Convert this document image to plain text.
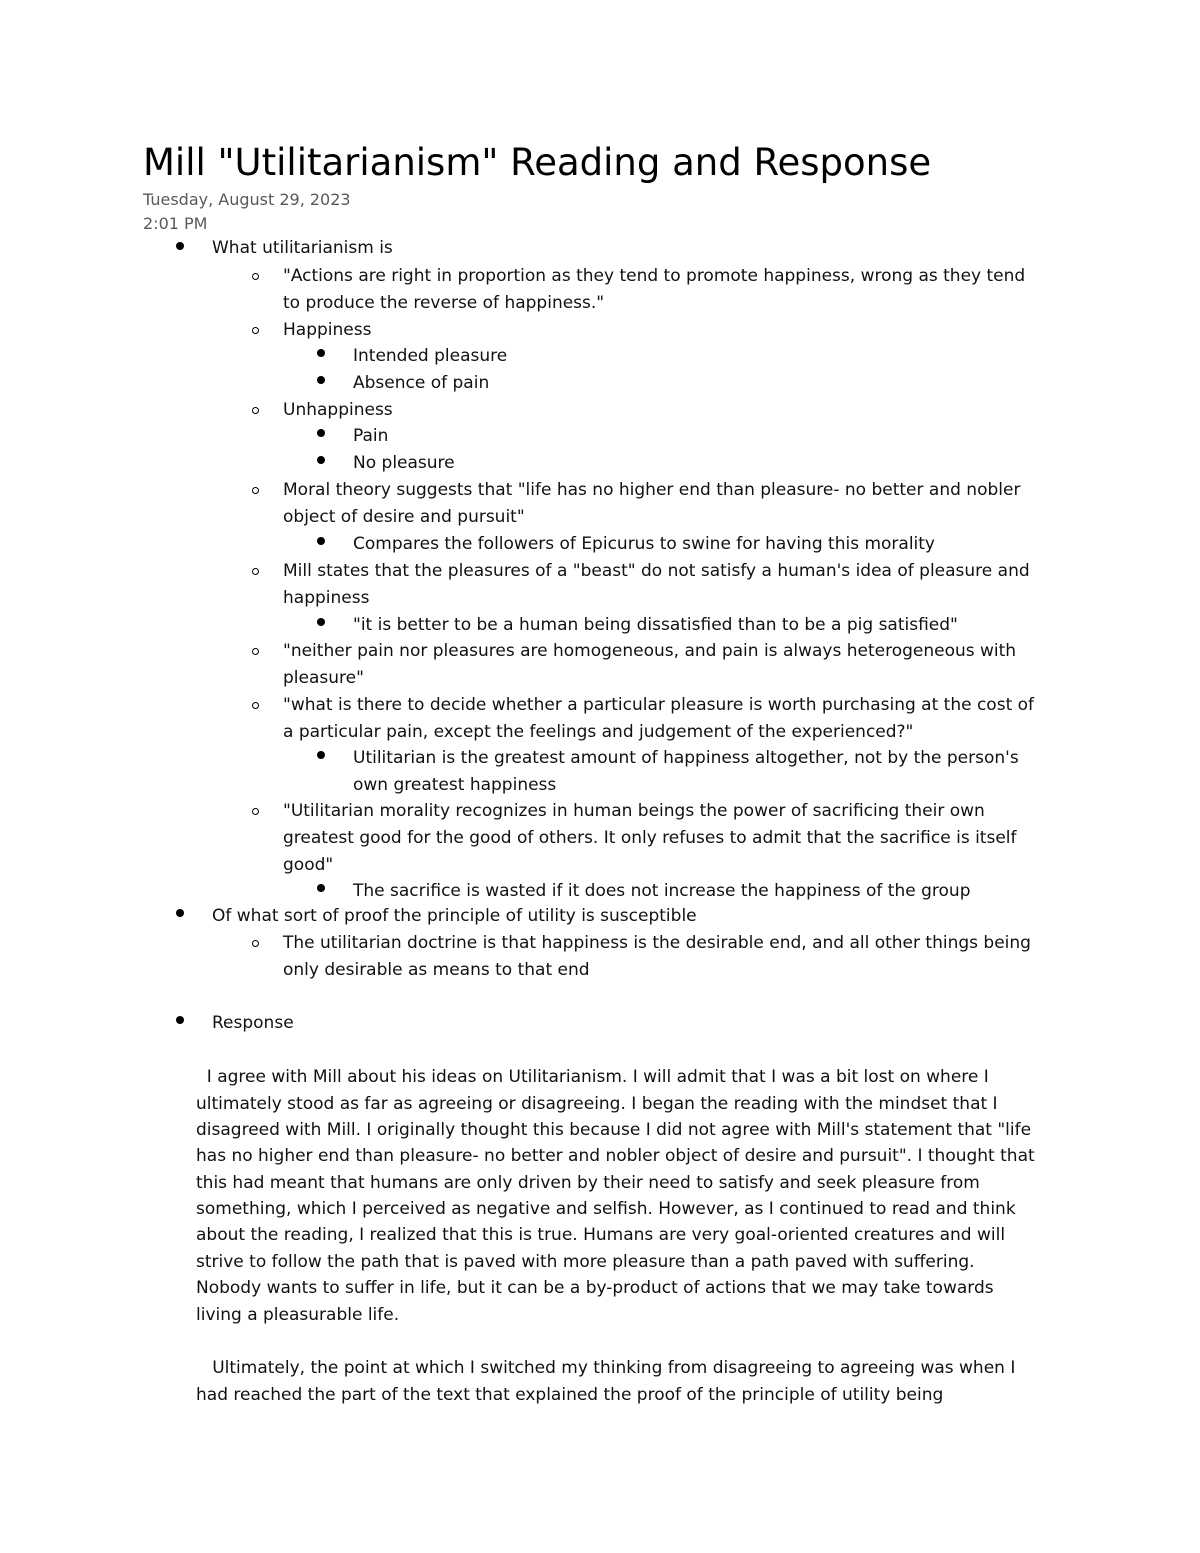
Mill "Utilitarianism" Reading and Response
Tuesday, August 29, 2023
2:01 PM
What utilitarianism is
"Actions are right in proportion as they tend to promote happiness, wrong as they tend
to produce the reverse of happiness."
Happiness
Intended pleasure
Absence of pain
Unhappiness
Pain
No pleasure
Moral theory suggests that "life has no higher end than pleasure- no better and nobler
object of desire and pursuit"
Compares the followers of Epicurus to swine for having this morality
Mill states that the pleasures of a "beast" do not satisfy a human's idea of pleasure and
happiness
"it is better to be a human being dissatisfied than to be a pig satisfied"
"neither pain nor pleasures are homogeneous, and pain is always heterogeneous with
pleasure"
"what is there to decide whether a particular pleasure is worth purchasing at the cost of
a particular pain, except the feelings and judgement of the experienced?"
Utilitarian is the greatest amount of happiness altogether, not by the person's
own greatest happiness
"Utilitarian morality recognizes in human beings the power of sacrificing their own
greatest good for the good of others. It only refuses to admit that the sacrifice is itself
good"
The sacrifice is wasted if it does not increase the happiness of the group
Of what sort of proof the principle of utility is susceptible
The utilitarian doctrine is that happiness is the desirable end, and all other things being
only desirable as means to that end
Response
I agree with Mill about his ideas on Utilitarianism. I will admit that I was a bit lost on where I
ultimately stood as far as agreeing or disagreeing. I began the reading with the mindset that I
disagreed with Mill. I originally thought this because I did not agree with Mill's statement that "life
has no higher end than pleasure- no better and nobler object of desire and pursuit". I thought that
this had meant that humans are only driven by their need to satisfy and seek pleasure from
something, which I perceived as negative and selfish. However, as I continued to read and think
about the reading, I realized that this is true. Humans are very goal-oriented creatures and will
strive to follow the path that is paved with more pleasure than a path paved with suffering.
Nobody wants to suffer in life, but it can be a by-product of actions that we may take towards
living a pleasurable life.
Ultimately, the point at which I switched my thinking from disagreeing to agreeing was when I
had reached the part of the text that explained the proof of the principle of utility being
